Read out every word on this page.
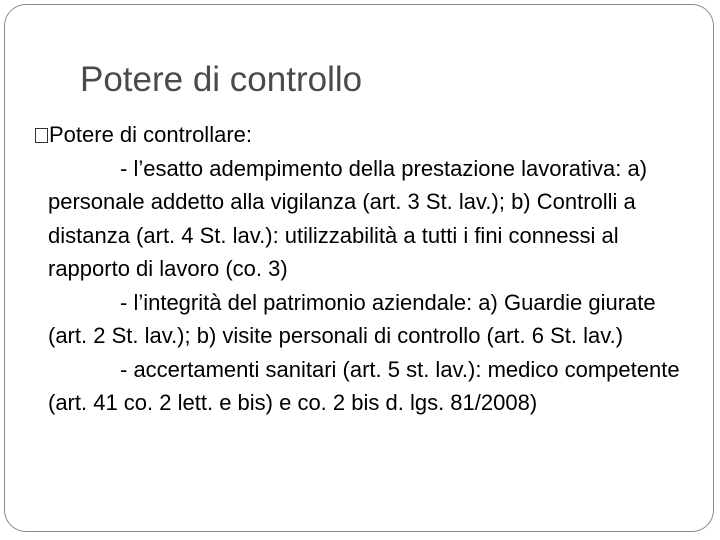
Potere di controllo
Potere di controllare:

- l’esatto adempimento della prestazione lavorativa: a) personale addetto alla vigilanza (art. 3 St. lav.); b) Controlli a distanza (art. 4 St. lav.): utilizzabilità a tutti i fini connessi al rapporto di lavoro (co. 3)

- l’integrità del patrimonio aziendale: a) Guardie giurate (art. 2 St. lav.); b) visite personali di controllo (art. 6 St. lav.)

- accertamenti sanitari (art. 5 st. lav.): medico competente (art. 41 co. 2 lett. e bis) e co. 2 bis d. lgs. 81/2008)
